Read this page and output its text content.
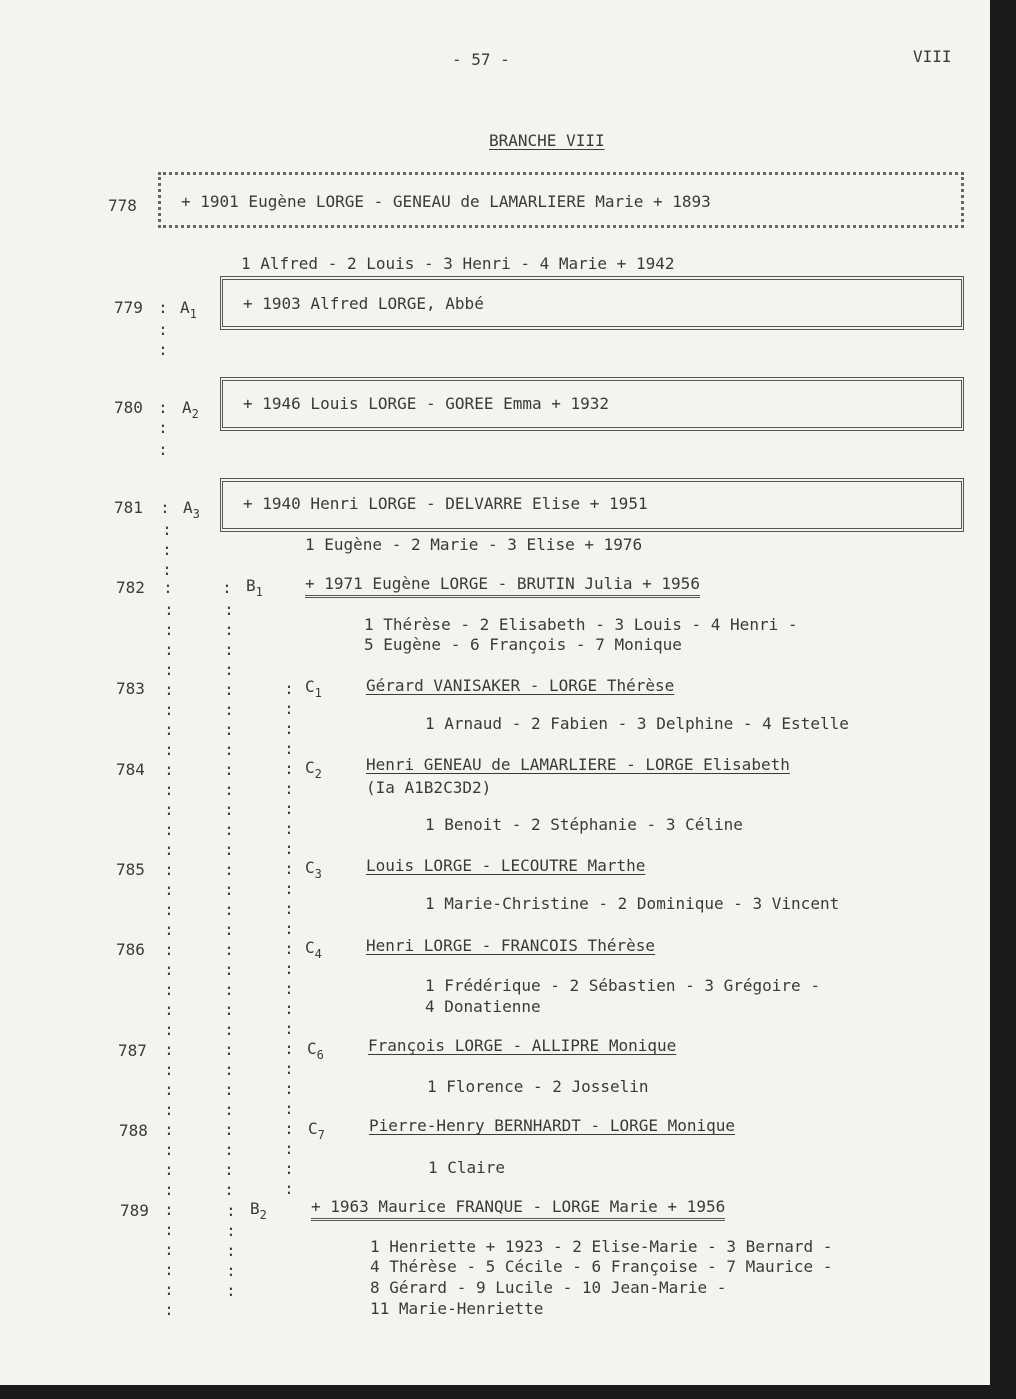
- 57 -	VIII
BRANCHE VIII
778	+ 1901 Eugène LORGE - GENEAU de LAMARLIERE Marie + 1893
1 Alfred - 2 Louis - 3 Henri - 4 Marie + 1942
779 : $A_1$
+ 1903 Alfred LORGE, Abbé
:
:
780 : $A_2$
+ 1946 Louis LORGE - GOREE Emma + 1932
:
:
781 : $A_3$
+ 1940 Henri LORGE - DELVARRE Elise + 1951
1 Eugène - 2 Marie - 3 Elise + 1976
:
:
:
782 :	: $B_1$	+ 1971 Eugène LORGE - BRUTIN Julia + 1956
1 Thérèse - 2 Elisabeth - 3 Louis - 4 Henri -
5 Eugène - 6 François - 7 Monique
783	$C_1$	Gérard VANISAKER - LORGE Thérèse
1 Arnaud - 2 Fabien - 3 Delphine - 4 Estelle
784	$C_2$	Henri GENEAU de LAMARLIERE - LORGE Elisabeth
(Ia A1B2C3D2)
1 Benoit - 2 Stéphanie - 3 Céline
785	$C_3$	Louis LORGE - LECOUTRE Marthe
1 Marie-Christine - 2 Dominique - 3 Vincent
786	$C_4$	Henri LORGE - FRANCOIS Thérèse
1 Frédérique - 2 Sébastien - 3 Grégoire -
4 Donatienne
787	$C_6$	François LORGE - ALLIPRE Monique
1 Florence - 2 Josselin
788	$C_7$	Pierre-Henry BERNHARDT - LORGE Monique
1 Claire
789	$B_2$	+ 1963 Maurice FRANQUE - LORGE Marie + 1956
1 Henriette + 1923 - 2 Elise-Marie - 3 Bernard -
4 Thérèse - 5 Cécile - 6 Françoise - 7 Maurice -
8 Gérard - 9 Lucile - 10 Jean-Marie -
11 Marie-Henriette
:
:
:
:
:
:
:
:
:
:
:
:
:
:
:
:
:
:
:
:
:
:
:
:
:
:
:
:
:
:
:
:
:
:
:
:
:
:
:
:
:
:
:
:
:
:
:
:
:
:
:
:
:
:
:
:
:
:
:
:
:
:
:
:
:
:
:
:
:
:
:
:
:
:
:
:
:
:
:
:
:
:
:
:
:
:
:
:
:
:
:
:
:
:
:
:
:
